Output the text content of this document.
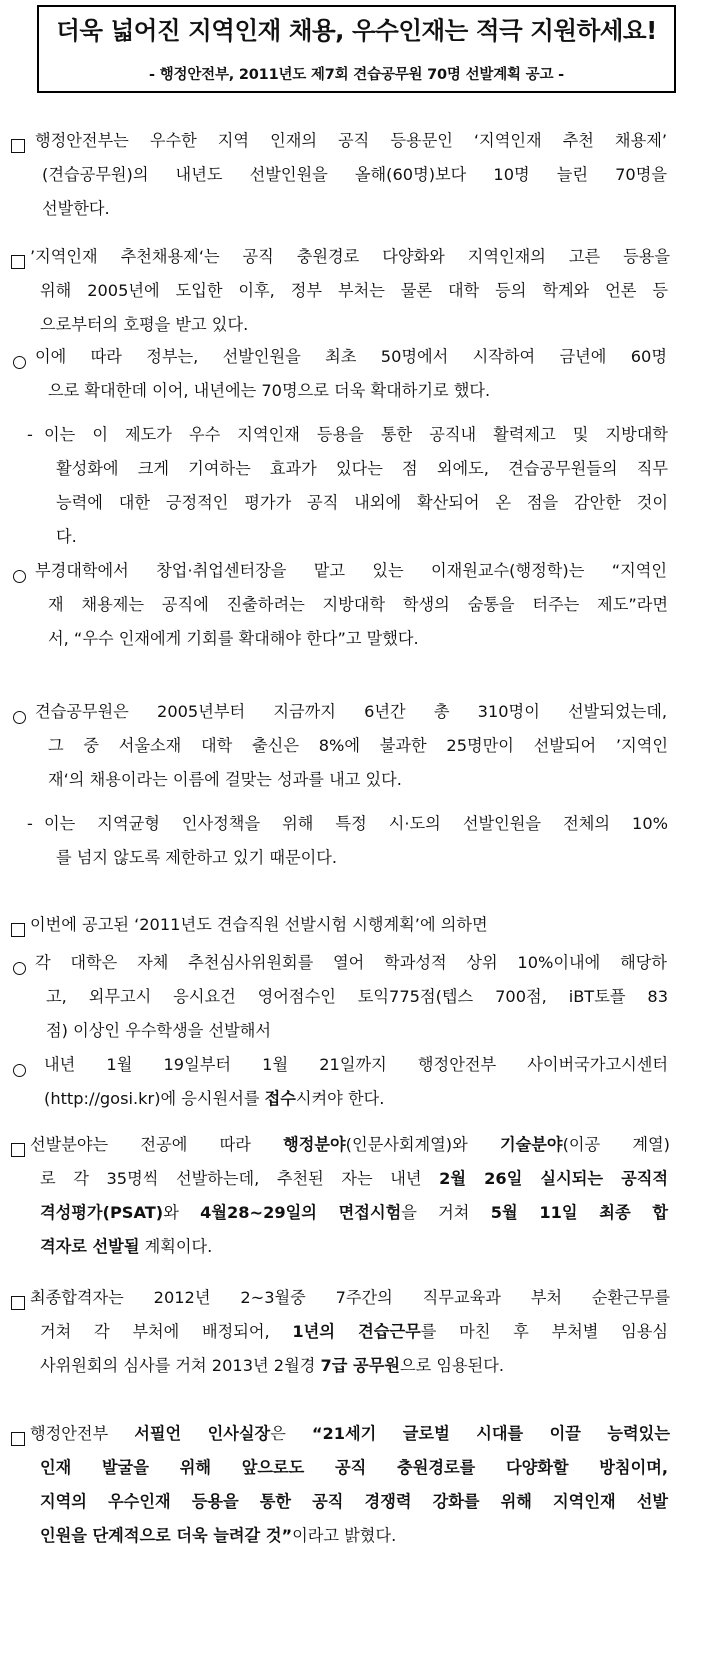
더욱 넓어진 지역인재 채용, 우수인재는 적극 지원하세요!
- 행정안전부, 2011년도 제7회 견습공무원 70명 선발계획 공고 -
행정안전부는 우수한 지역 인재의 공직 등용문인 ‘지역인재 추천 채용제’
(견습공무원)의 내년도 선발인원을 올해(60명)보다 10명 늘린 70명을
선발한다.
’지역인재 추천채용제‘는 공직 충원경로 다양화와 지역인재의 고른 등용을
위해 2005년에 도입한 이후, 정부 부처는 물론 대학 등의 학계와 언론 등
으로부터의 호평을 받고 있다.
이에 따라 정부는, 선발인원을 최초 50명에서 시작하여 금년에 60명
으로 확대한데 이어, 내년에는 70명으로 더욱 확대하기로 했다.
- 이는 이 제도가 우수 지역인재 등용을 통한 공직내 활력제고 및 지방대학
활성화에 크게 기여하는 효과가 있다는 점 외에도, 견습공무원들의 직무
능력에 대한 긍정적인 평가가 공직 내외에 확산되어 온 점을 감안한 것이
다.
부경대학에서 창업·취업센터장을 맡고 있는 이재원교수(행정학)는 “지역인
재 채용제는 공직에 진출하려는 지방대학 학생의 숨통을 터주는 제도”라면
서, “우수 인재에게 기회를 확대해야 한다”고 말했다.
견습공무원은 2005년부터 지금까지 6년간 총 310명이 선발되었는데,
그 중 서울소재 대학 출신은 8%에 불과한 25명만이 선발되어 ’지역인
재‘의 채용이라는 이름에 걸맞는 성과를 내고 있다.
- 이는 지역균형 인사정책을 위해 특정 시·도의 선발인원을 전체의 10%
를 넘지 않도록 제한하고 있기 때문이다.
이번에 공고된 ‘2011년도 견습직원 선발시험 시행계획’에 의하면
각 대학은 자체 추천심사위원회를 열어 학과성적 상위 10%이내에 해당하
고, 외무고시 응시요건 영어점수인 토익775점(텝스 700점, iBT토플 83
점) 이상인 우수학생을 선발해서
내년 1월 19일부터 1월 21일까지 행정안전부 사이버국가고시센터
(http://gosi.kr)에 응시원서를 접수시켜야 한다.
선발분야는 전공에 따라 행정분야(인문사회계열)와 기술분야(이공 계열)
로 각 35명씩 선발하는데, 추천된 자는 내년 2월 26일 실시되는 공직적
격성평가(PSAT)와 4월28~29일의 면접시험을 거쳐 5월 11일 최종 합
격자로 선발될 계획이다.
최종합격자는 2012년 2~3월중 7주간의 직무교육과 부처 순환근무를
거쳐 각 부처에 배정되어, 1년의 견습근무를 마친 후 부처별 임용심
사위원회의 심사를 거쳐 2013년 2월경 7급 공무원으로 임용된다.
행정안전부 서필언 인사실장은 “21세기 글로벌 시대를 이끌 능력있는
인재 발굴을 위해 앞으로도 공직 충원경로를 다양화할 방침이며,
지역의 우수인재 등용을 통한 공직 경쟁력 강화를 위해 지역인재 선발
인원을 단계적으로 더욱 늘려갈 것”이라고 밝혔다.
